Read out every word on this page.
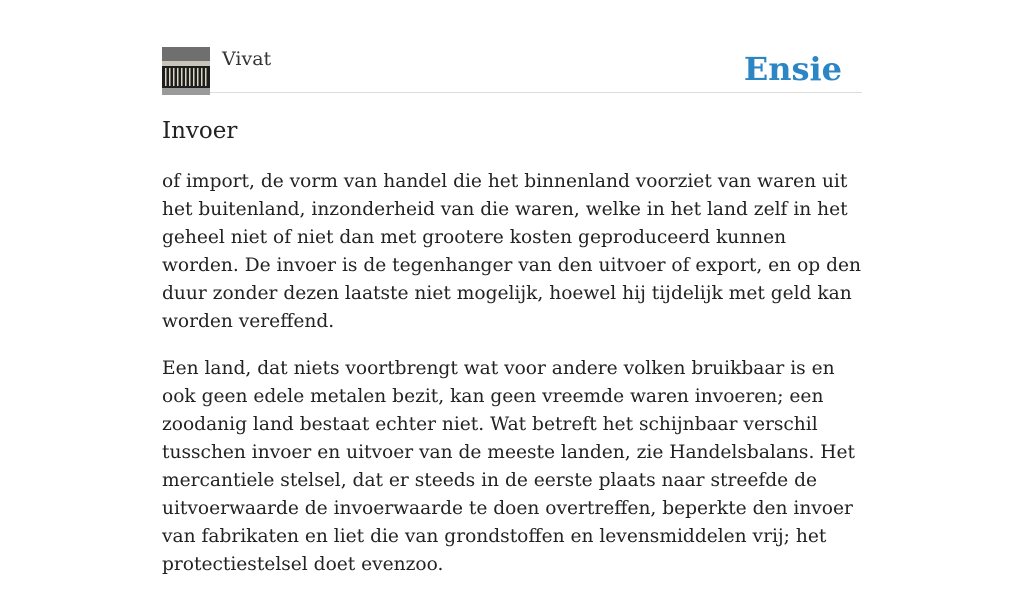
Vivat	Ensie
Invoer

of import, de vorm van handel die het binnenland voorziet van waren uit het buitenland, inzonderheid van die waren, welke in het land zelf in het geheel niet of niet dan met grootere kosten geproduceerd kunnen worden. De invoer is de tegenhanger van den uitvoer of export, en op den duur zonder dezen laatste niet mogelijk, hoewel hij tijdelijk met geld kan worden vereffend.

Een land, dat niets voortbrengt wat voor andere volken bruikbaar is en ook geen edele metalen bezit, kan geen vreemde waren invoeren; een zoodanig land bestaat echter niet. Wat betreft het schijnbaar verschil tusschen invoer en uitvoer van de meeste landen, zie Handelsbalans. Het mercantiele stelsel, dat er steeds in de eerste plaats naar streefde de uitvoerwaarde de invoerwaarde te doen overtreffen, beperkte den invoer van fabrikaten en liet die van grondstoffen en levensmiddelen vrij; het protectiestelsel doet evenzoo.
